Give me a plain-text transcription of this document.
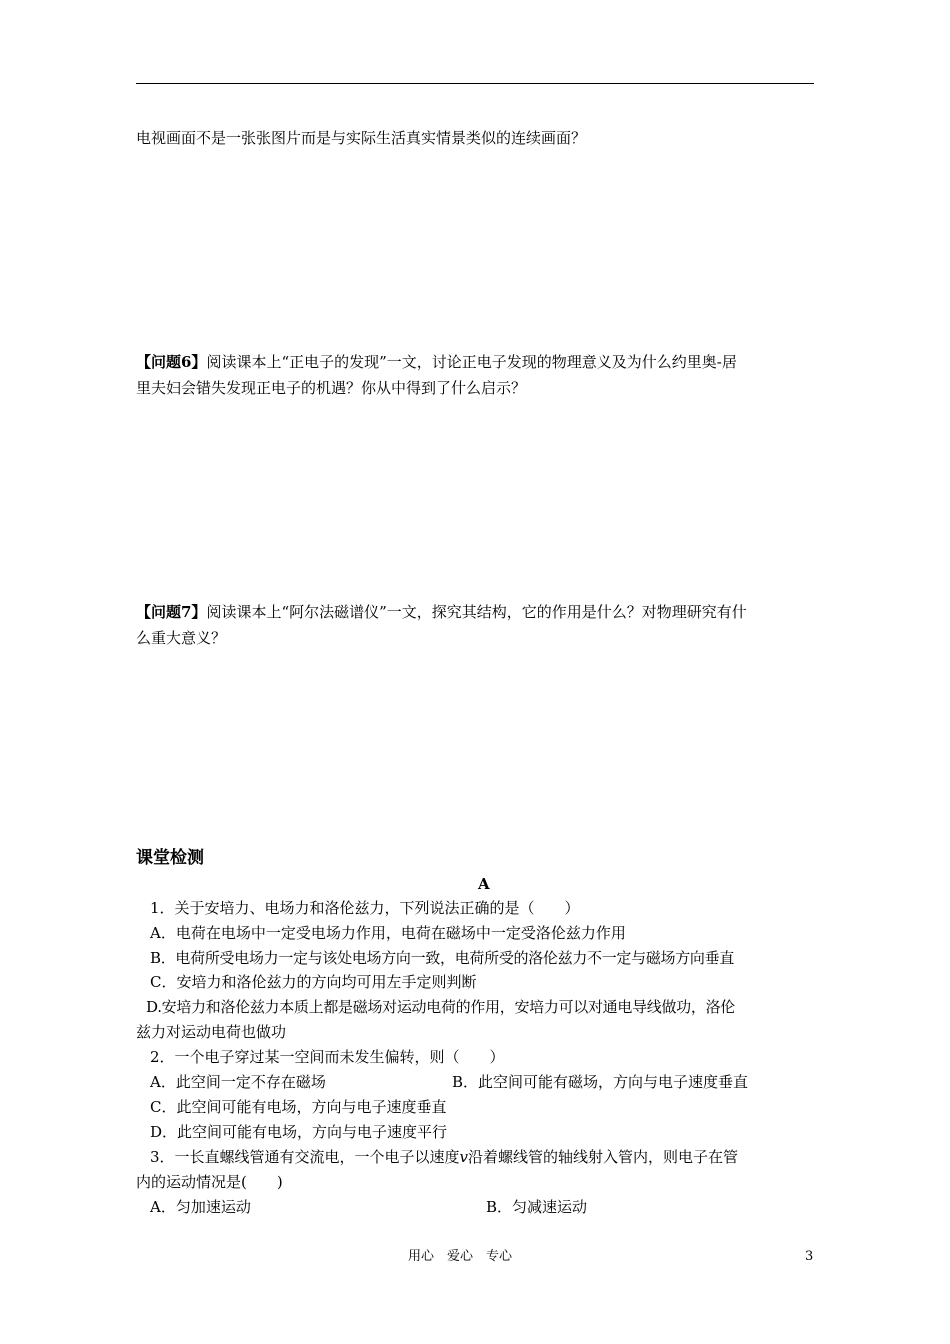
电视画面不是一张张图片而是与实际生活真实情景类似的连续画面？
【问题6】阅读课本上“正电子的发现”一文，讨论正电子发现的物理意义及为什么约里奥-居
里夫妇会错失发现正电子的机遇？你从中得到了什么启示？
【问题7】阅读课本上“阿尔法磁谱仪”一文，探究其结构，它的作用是什么？对物理研究有什
么重大意义？
课堂检测
A
1．关于安培力、电场力和洛伦兹力，下列说法正确的是（　　）
A．电荷在电场中一定受电场力作用，电荷在磁场中一定受洛伦兹力作用
B．电荷所受电场力一定与该处电场方向一致，电荷所受的洛伦兹力不一定与磁场方向垂直
C．安培力和洛伦兹力的方向均可用左手定则判断
D.安培力和洛伦兹力本质上都是磁场对运动电荷的作用，安培力可以对通电导线做功，洛伦
兹力对运动电荷也做功
2．一个电子穿过某一空间而未发生偏转，则（　　）
A．此空间一定不存在磁场	B．此空间可能有磁场，方向与电子速度垂直
C．此空间可能有电场，方向与电子速度垂直
D．此空间可能有电场，方向与电子速度平行
3．一长直螺线管通有交流电，一个电子以速度v沿着螺线管的轴线射入管内，则电子在管
内的运动情况是(　　)
A．匀加速运动	B．匀减速运动
用心　爱心　专心	3
